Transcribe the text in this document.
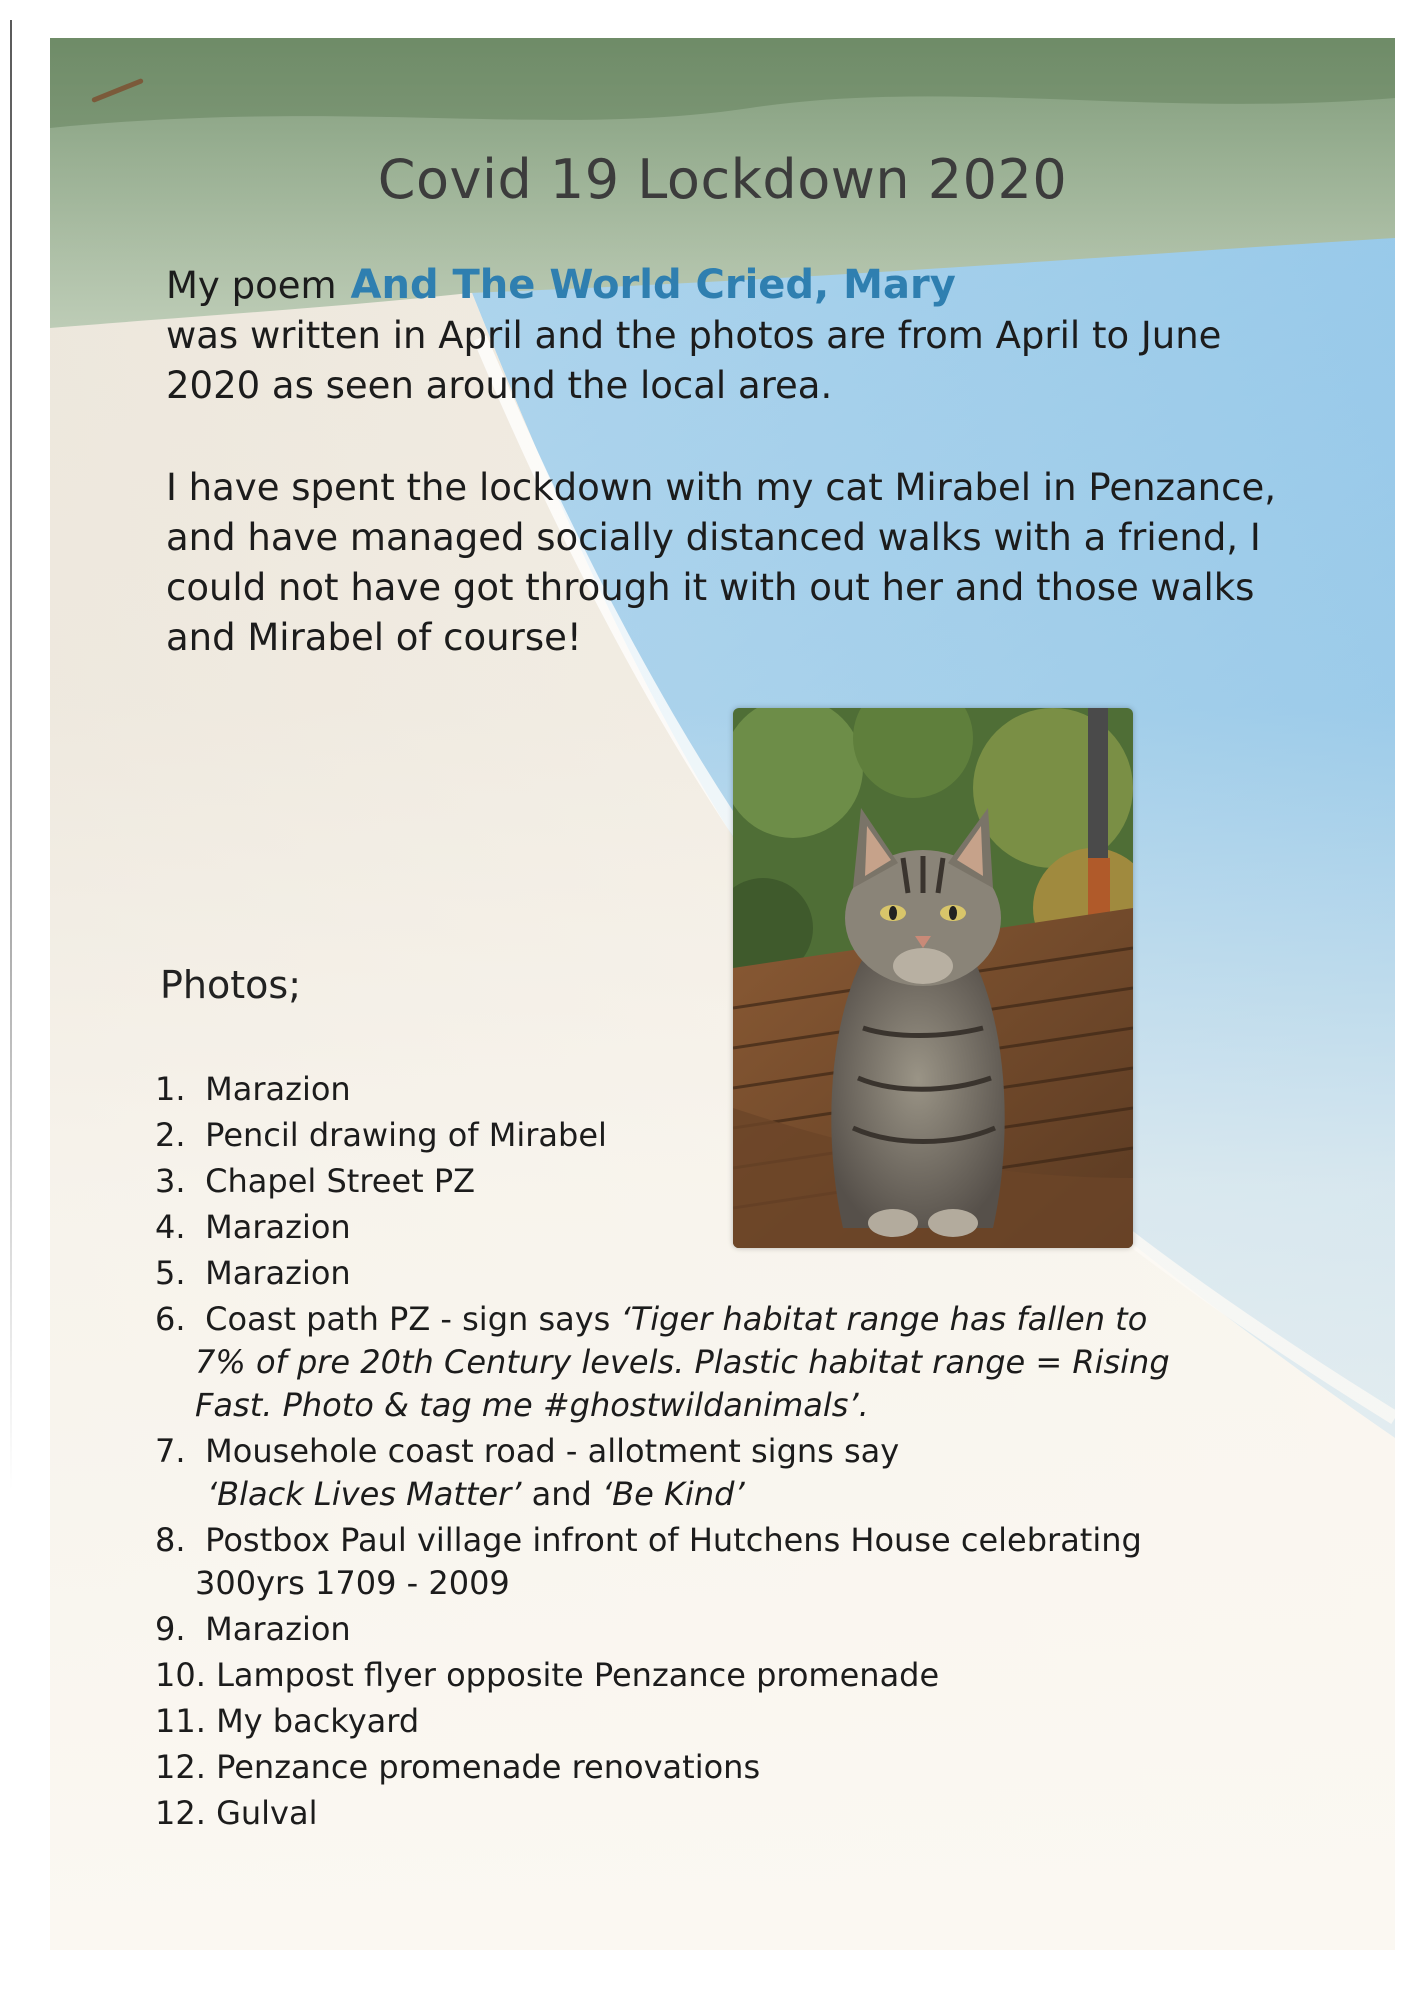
Covid 19 Lockdown 2020

My poem And The World Cried, Mary
was written in April and the photos are from April to June 2020 as seen around the local area.

I have spent the lockdown with my cat Mirabel in Penzance, and have managed socially distanced walks with a friend, I could not have got through it with out her and those walks and Mirabel of course!

Photos;
1. Marazion
2. Pencil drawing of Mirabel
3. Chapel Street PZ
4. Marazion
5. Marazion
6. Coast path PZ - sign says ‘Tiger habitat range has fallen to
7% of pre 20th Century levels. Plastic habitat range = Rising
Fast. Photo & tag me #ghostwildanimals’.
7. Mousehole coast road - allotment signs say
‘Black Lives Matter’ and ‘Be Kind’
8. Postbox Paul village infront of Hutchens House celebrating
300yrs 1709 - 2009
9. Marazion
10. Lampost flyer opposite Penzance promenade
11. My backyard
12. Penzance promenade renovations
12. Gulval
